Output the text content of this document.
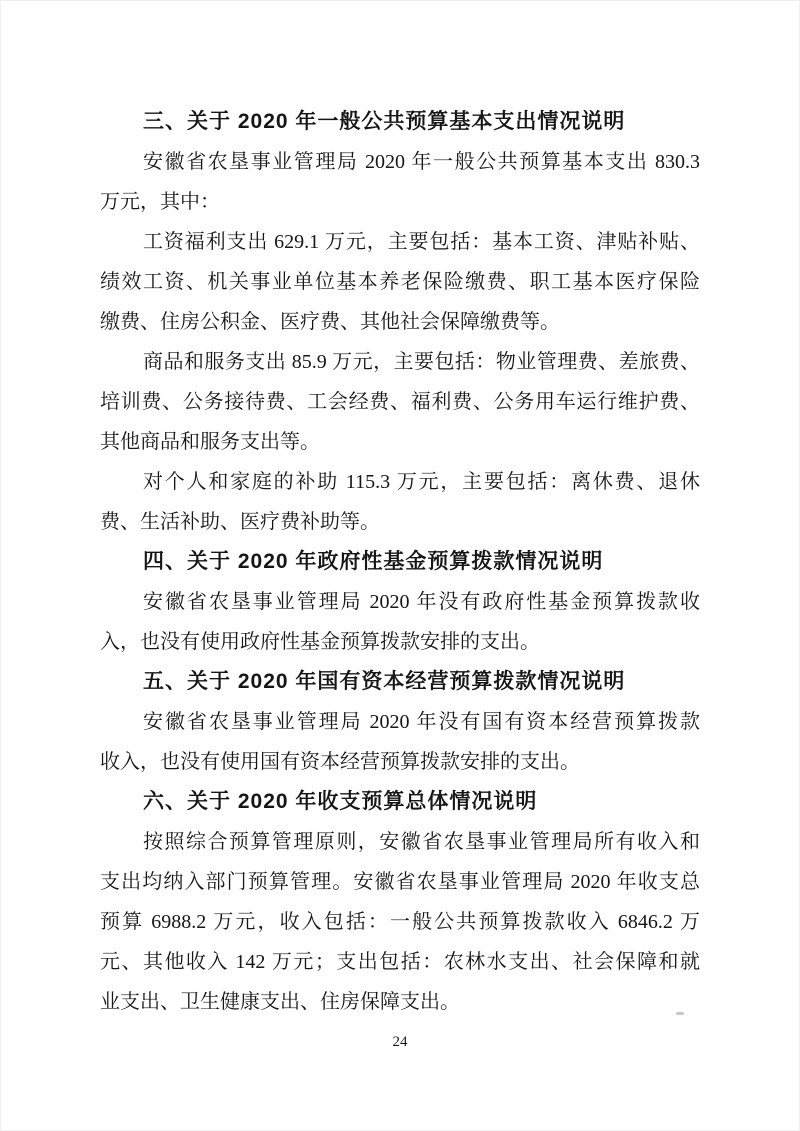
三、关于 2020 年一般公共预算基本支出情况说明
安徽省农垦事业管理局 2020 年一般公共预算基本支出 830.3
万元，其中：
工资福利支出 629.1 万元，主要包括：基本工资、津贴补贴、
绩效工资、机关事业单位基本养老保险缴费、职工基本医疗保险
缴费、住房公积金、医疗费、其他社会保障缴费等。
商品和服务支出 85.9 万元，主要包括：物业管理费、差旅费、
培训费、公务接待费、工会经费、福利费、公务用车运行维护费、
其他商品和服务支出等。
对个人和家庭的补助 115.3 万元，主要包括：离休费、退休
费、生活补助、医疗费补助等。
四、关于 2020 年政府性基金预算拨款情况说明
安徽省农垦事业管理局 2020 年没有政府性基金预算拨款收
入，也没有使用政府性基金预算拨款安排的支出。
五、关于 2020 年国有资本经营预算拨款情况说明
安徽省农垦事业管理局 2020 年没有国有资本经营预算拨款
收入，也没有使用国有资本经营预算拨款安排的支出。
六、关于 2020 年收支预算总体情况说明
按照综合预算管理原则，安徽省农垦事业管理局所有收入和
支出均纳入部门预算管理。安徽省农垦事业管理局 2020 年收支总
预算 6988.2 万元，收入包括：一般公共预算拨款收入 6846.2 万
元、其他收入 142 万元；支出包括：农林水支出、社会保障和就
业支出、卫生健康支出、住房保障支出。
24
